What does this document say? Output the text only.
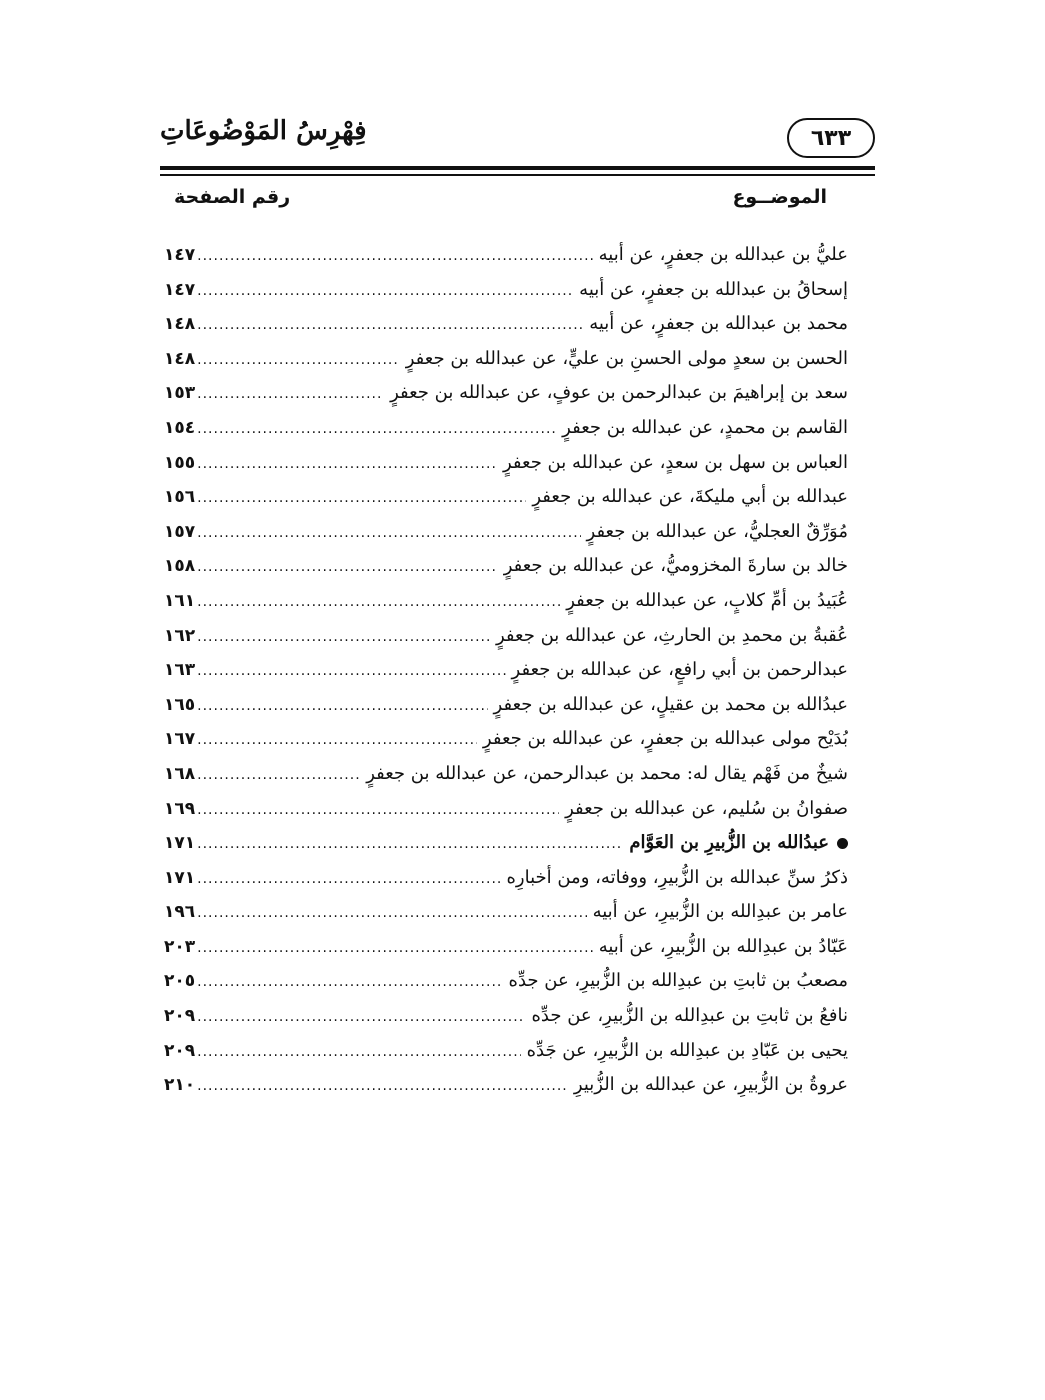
٦٣٣
فِهْرِسُ المَوْضُوعَاتِ
الموضــوع
رقم الصفحة
عليُّ بن عبدالله بن جعفرٍ، عن أبيه
.....
١٤٧
إسحاقُ بن عبدالله بن جعفرٍ، عن أبيه
.....
١٤٧
محمد بن عبدالله بن جعفرٍ، عن أبيه
.....
١٤٨
الحسن بن سعدٍ مولى الحسنِ بن عليٍّ، عن عبدالله بن جعفرٍ
.....
١٤٨
سعد بن إبراهيمَ بن عبدالرحمن بن عوفٍ، عن عبدالله بن جعفرٍ
.....
١٥٣
القاسم بن محمدٍ، عن عبدالله بن جعفرٍ
.....
١٥٤
العباس بن سهل بن سعدٍ، عن عبدالله بن جعفرٍ
.....
١٥٥
عبدالله بن أبي مليكةَ، عن عبدالله بن جعفرٍ
.....
١٥٦
مُوَرِّقٌ العجليُّ، عن عبدالله بن جعفرٍ
.....
١٥٧
خالد بن سارةَ المخزوميُّ، عن عبدالله بن جعفرٍ
.....
١٥٨
عُبَيدُ بن أمِّ كلابٍ، عن عبدالله بن جعفرٍ
.....
١٦١
عُقبةُ بن محمدِ بن الحارثِ، عن عبدالله بن جعفرٍ
.....
١٦٢
عبدالرحمن بن أبي رافعٍ، عن عبدالله بن جعفرٍ
.....
١٦٣
عبدُالله بن محمد بن عقيلٍ، عن عبدالله بن جعفرٍ
.....
١٦٥
بُدَيْح مولى عبدالله بن جعفرٍ، عن عبدالله بن جعفرٍ
.....
١٦٧
شيخٌ من فَهْم يقال له: محمد بن عبدالرحمن، عن عبدالله بن جعفرٍ
.....
١٦٨
صفوانُ بن سُليم، عن عبدالله بن جعفرٍ
.....
١٦٩
عبدُالله بن الزُّبيرِ بن العَوَّام
.....
١٧١
ذكرُ سنِّ عبدالله بن الزُّبيرِ، ووفاته، ومن أخبارِه
.....
١٧١
عامر بن عبدِالله بن الزُّبيرِ، عن أبيه
.....
١٩٦
عَبّادُ بن عبدِالله بن الزُّبيرِ، عن أبيه
.....
٢٠٣
مصعبُ بن ثابتِ بن عبدِالله بن الزُّبيرِ، عن جدِّه
.....
٢٠٥
نافعُ بن ثابتِ بن عبدِالله بن الزُّبيرِ، عن جدِّه
.....
٢٠٩
يحيى بن عَبّادِ بن عبدِالله بن الزُّبيرِ، عن جَدِّه
.....
٢٠٩
عروةُ بن الزُّبيرِ، عن عبدالله بن الزُّبيرِ
.....
٢١٠
